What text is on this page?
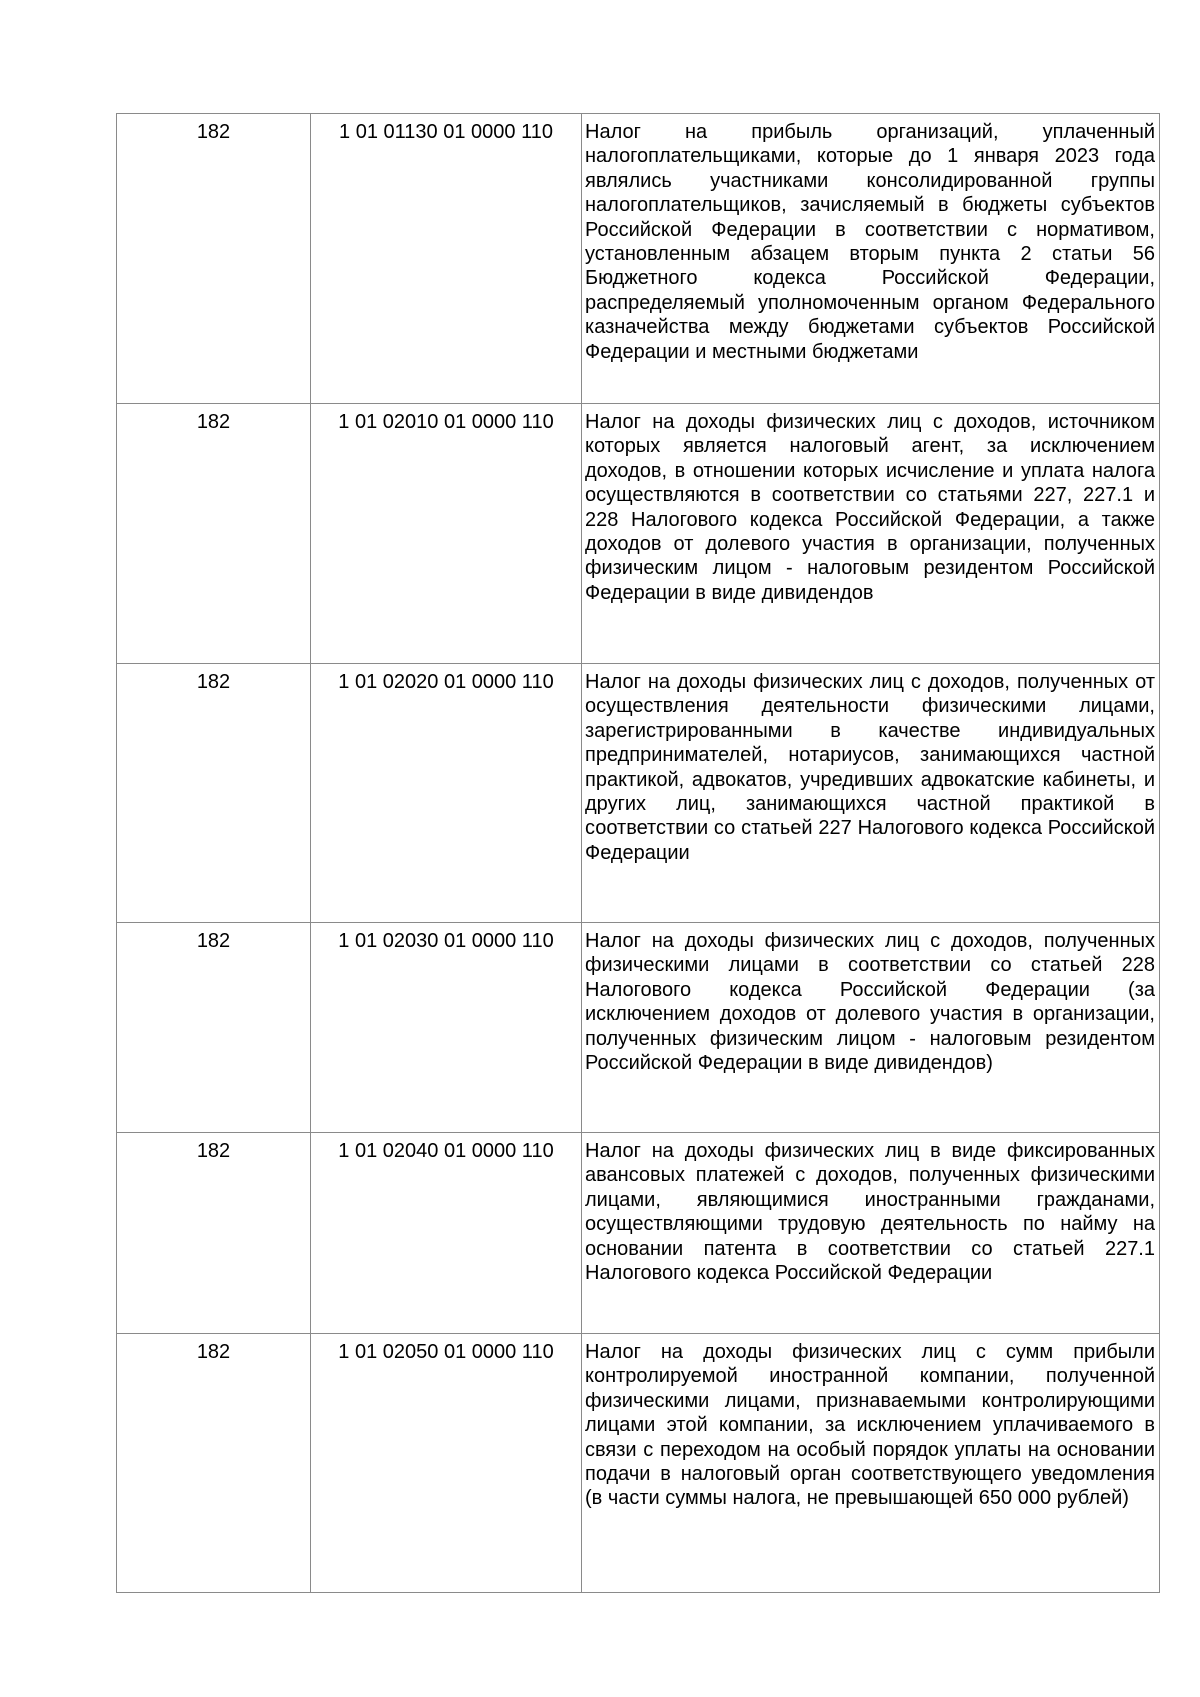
182	1 01 01130 01 0000 110	Налог на прибыль организаций, уплаченный налогоплательщиками, которые до 1 января 2023 года являлись участниками консолидированной группы налогоплательщиков, зачисляемый в бюджеты субъектов Российской Федерации в соответствии с нормативом, установленным абзацем вторым пункта 2 статьи 56 Бюджетного кодекса Российской Федерации, распределяемый уполномоченным органом Федерального казначейства между бюджетами субъектов Российской Федерации и местными бюджетами
182	1 01 02010 01 0000 110	Налог на доходы физических лиц с доходов, источником которых является налоговый агент, за исключением доходов, в отношении которых исчисление и уплата налога осуществляются в соответствии со статьями 227, 227.1 и 228 Налогового кодекса Российской Федерации, а также доходов от долевого участия в организации, полученных физическим лицом - налоговым резидентом Российской Федерации в виде дивидендов
182	1 01 02020 01 0000 110	Налог на доходы физических лиц с доходов, полученных от осуществления деятельности физическими лицами, зарегистрированными в качестве индивидуальных предпринимателей, нотариусов, занимающихся частной практикой, адвокатов, учредивших адвокатские кабинеты, и других лиц, занимающихся частной практикой в соответствии со статьей 227 Налогового кодекса Российской Федерации
182	1 01 02030 01 0000 110	Налог на доходы физических лиц с доходов, полученных физическими лицами в соответствии со статьей 228 Налогового кодекса Российской Федерации (за исключением доходов от долевого участия в организации, полученных физическим лицом - налоговым резидентом Российской Федерации в виде дивидендов)
182	1 01 02040 01 0000 110	Налог на доходы физических лиц в виде фиксированных авансовых платежей с доходов, полученных физическими лицами, являющимися иностранными гражданами, осуществляющими трудовую деятельность по найму на основании патента в соответствии со статьей 227.1 Налогового кодекса Российской Федерации
182	1 01 02050 01 0000 110	Налог на доходы физических лиц с сумм прибыли контролируемой иностранной компании, полученной физическими лицами, признаваемыми контролирующими лицами этой компании, за исключением уплачиваемого в связи с переходом на особый порядок уплаты на основании подачи в налоговый орган соответствующего уведомления (в части суммы налога, не превышающей 650 000 рублей)
